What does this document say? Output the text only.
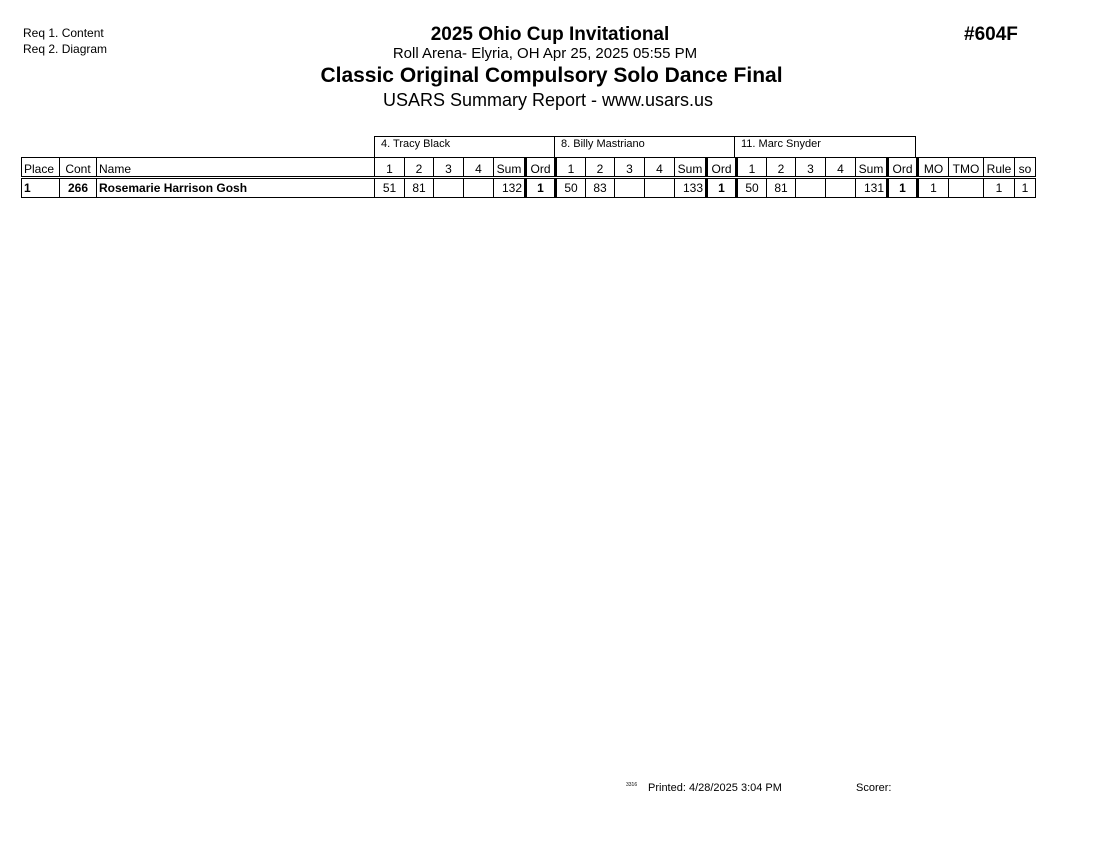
Req 1. Content
Req 2. Diagram
2025 Ohio Cup Invitational
Roll Arena- Elyria, OH Apr 25, 2025 05:55 PM
Classic Original Compulsory Solo Dance Final
USARS Summary Report - www.usars.us
#604F
4. Tracy Black	8. Billy Mastriano	11. Marc Snyder
Place	Cont	Name	1	2	3	4	Sum	Ord	1	2	3	4	Sum	Ord	1	2	3	4	Sum	Ord	MO	TMO	Rule	so
1	266	Rosemarie Harrison Gosh	51	81			132	1	50	83			133	1	50	81			131	1	1		1	1
3316 Printed: 4/28/2025 3:04 PM	Scorer:
